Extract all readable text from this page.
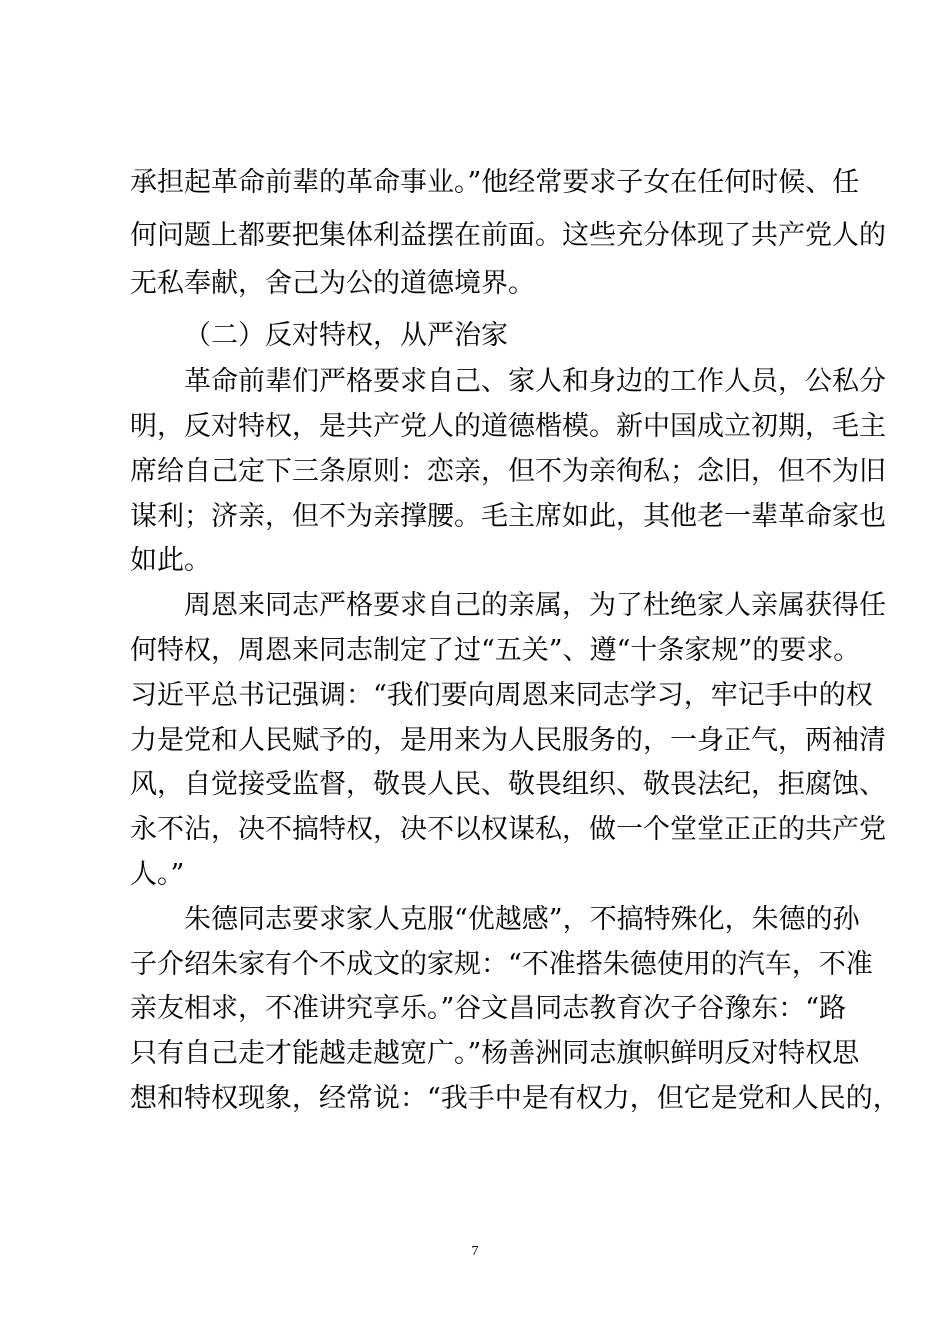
承担起革命前辈的革命事业。”他经常要求子女在任何时候、任
何问题上都要把集体利益摆在前面。这些充分体现了共产党人的
无私奉献，舍己为公的道德境界。
（二）反对特权，从严治家
革命前辈们严格要求自己、家人和身边的工作人员，公私分
明，反对特权，是共产党人的道德楷模。新中国成立初期，毛主
席给自己定下三条原则：恋亲，但不为亲徇私；念旧，但不为旧
谋利；济亲，但不为亲撑腰。毛主席如此，其他老一辈革命家也
如此。
周恩来同志严格要求自己的亲属，为了杜绝家人亲属获得任
何特权，周恩来同志制定了过“五关”、遵“十条家规”的要求。
习近平总书记强调：“我们要向周恩来同志学习，牢记手中的权
力是党和人民赋予的，是用来为人民服务的，一身正气，两袖清
风，自觉接受监督，敬畏人民、敬畏组织、敬畏法纪，拒腐蚀、
永不沾，决不搞特权，决不以权谋私，做一个堂堂正正的共产党
人。”
朱德同志要求家人克服“优越感”，不搞特殊化，朱德的孙
子介绍朱家有个不成文的家规：“不准搭朱德使用的汽车，不准
亲友相求，不准讲究享乐。”谷文昌同志教育次子谷豫东：“路
只有自己走才能越走越宽广。”杨善洲同志旗帜鲜明反对特权思
想和特权现象，经常说：“我手中是有权力，但它是党和人民的，
7
